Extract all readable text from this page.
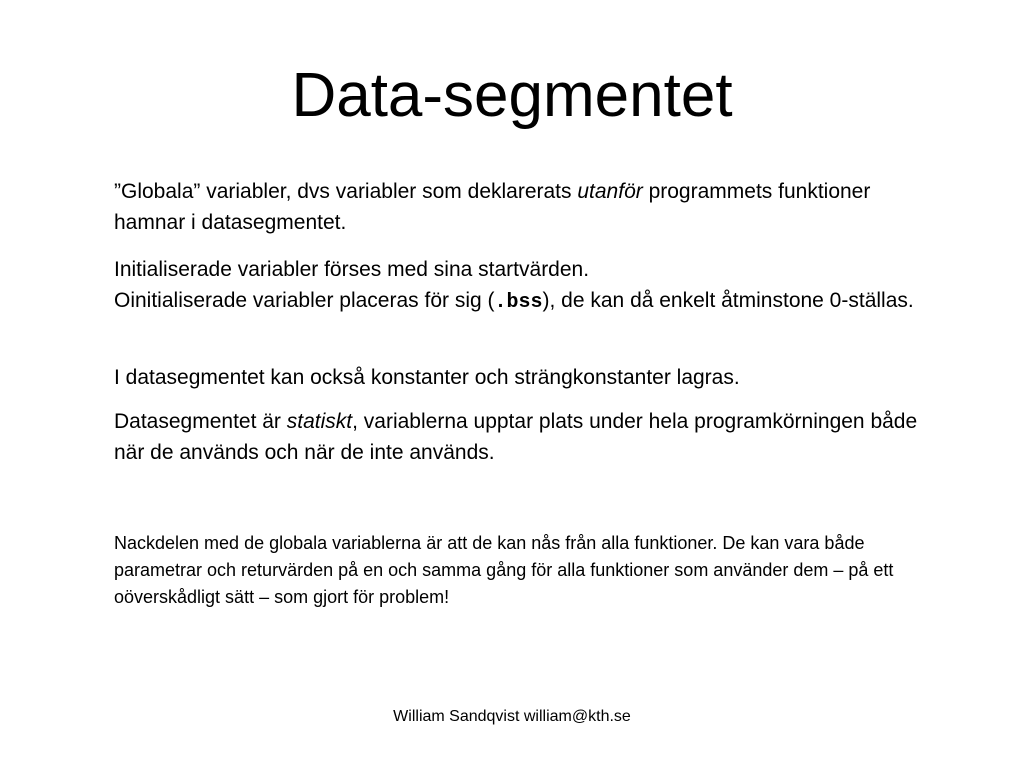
Data-segmentet

”Globala” variabler, dvs variabler som deklarerats utanför programmets funktioner hamnar i datasegmentet.

Initialiserade variabler förses med sina startvärden.
Oinitialiserade variabler placeras för sig (.bss), de kan då enkelt åtminstone 0-ställas.

I datasegmentet kan också konstanter och strängkonstanter lagras.

Datasegmentet är statiskt, variablerna upptar plats under hela programkörningen både när de används och när de inte används.

Nackdelen med de globala variablerna är att de kan nås från alla funktioner. De kan vara både parametrar och returvärden på en och samma gång för alla funktioner som använder dem – på ett oöverskådligt sätt – som gjort för problem!

William Sandqvist william@kth.se
